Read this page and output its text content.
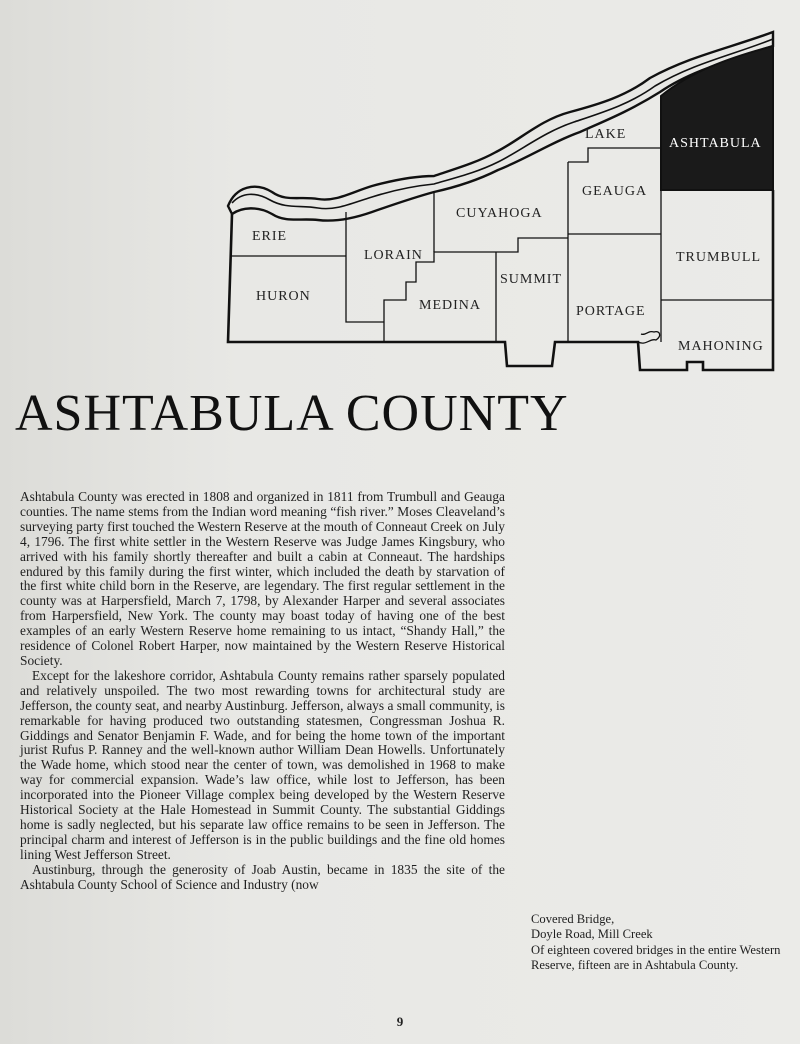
LAKE
ASHTABULA
GEAUGA
CUYAHOGA
ERIE
LORAIN	TRUMBULL
SUMMIT
HURON
MEDINA	PORTAGE
MAHONING
ASHTABULA COUNTY

Ashtabula County was erected in 1808 and organized in 1811 from Trumbull and Geauga counties. The name stems from the Indian word meaning “fish river.” Moses Cleaveland’s surveying party first touched the Western Reserve at the mouth of Conneaut Creek on July 4, 1796. The first white settler in the Western Reserve was Judge James Kingsbury, who arrived with his family shortly thereafter and built a cabin at Conneaut. The hardships endured by this family during the first winter, which included the death by starvation of the first white child born in the Reserve, are legendary. The first regular settlement in the county was at Harpersfield, March 7, 1798, by Alexander Harper and several associates from Harpersfield, New York. The county may boast today of having one of the best examples of an early Western Reserve home remaining to us intact, “Shandy Hall,” the residence of Colonel Robert Harper, now maintained by the Western Reserve Historical Society.

Except for the lakeshore corridor, Ashtabula County remains rather sparsely populated and relatively unspoiled. The two most rewarding towns for architectural study are Jefferson, the county seat, and nearby Austinburg. Jefferson, always a small community, is remarkable for having produced two outstanding statesmen, Congressman Joshua R. Giddings and Senator Benjamin F. Wade, and for being the home town of the important jurist Rufus P. Ranney and the well-known author William Dean Howells. Unfortunately the Wade home, which stood near the center of town, was demolished in 1968 to make way for commercial expansion. Wade’s law office, while lost to Jefferson, has been incorporated into the Pioneer Village complex being developed by the Western Reserve Historical Society at the Hale Homestead in Summit County. The substantial Giddings home is sadly neglected, but his separate law office remains to be seen in Jefferson. The principal charm and interest of Jefferson is in the public buildings and the fine old homes lining West Jefferson Street.

Austinburg, through the generosity of Joab Austin, became in 1835 the site of the Ashtabula County School of Science and Industry (now

Covered Bridge,
Doyle Road, Mill Creek
Of eighteen covered bridges in the entire Western Reserve, fifteen are in Ashtabula County.
9
